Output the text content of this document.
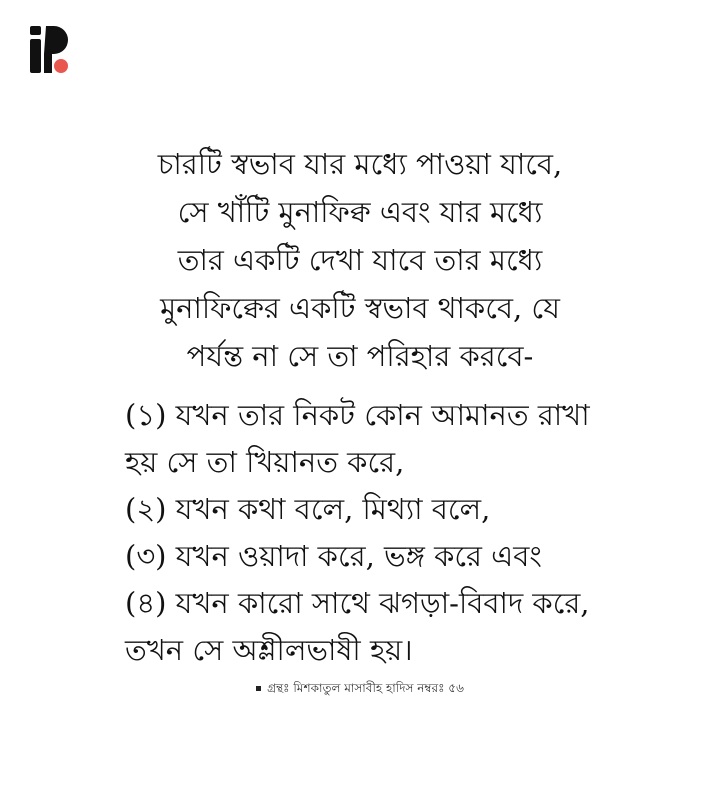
চারটি স্বভাব যার মধ্যে পাওয়া যাবে,
সে খাঁটি মুনাফিক্ব এবং যার মধ্যে
তার একটি দেখা যাবে তার মধ্যে
মুনাফিক্বের একটি স্বভাব থাকবে, যে
পর্যন্ত না সে তা পরিহার করবে-
(১) যখন তার নিকট কোন আমানত রাখা
হয় সে তা খিয়ানত করে,
(২) যখন কথা বলে, মিথ্যা বলে,
(৩) যখন ওয়াদা করে, ভঙ্গ করে এবং
(৪) যখন কারো সাথে ঝগড়া-বিবাদ করে,
তখন সে অশ্লীলভাষী হয়।
গ্রন্থঃ মিশকাতুল মাসাবীহ হাদিস নম্বরঃ ৫৬
